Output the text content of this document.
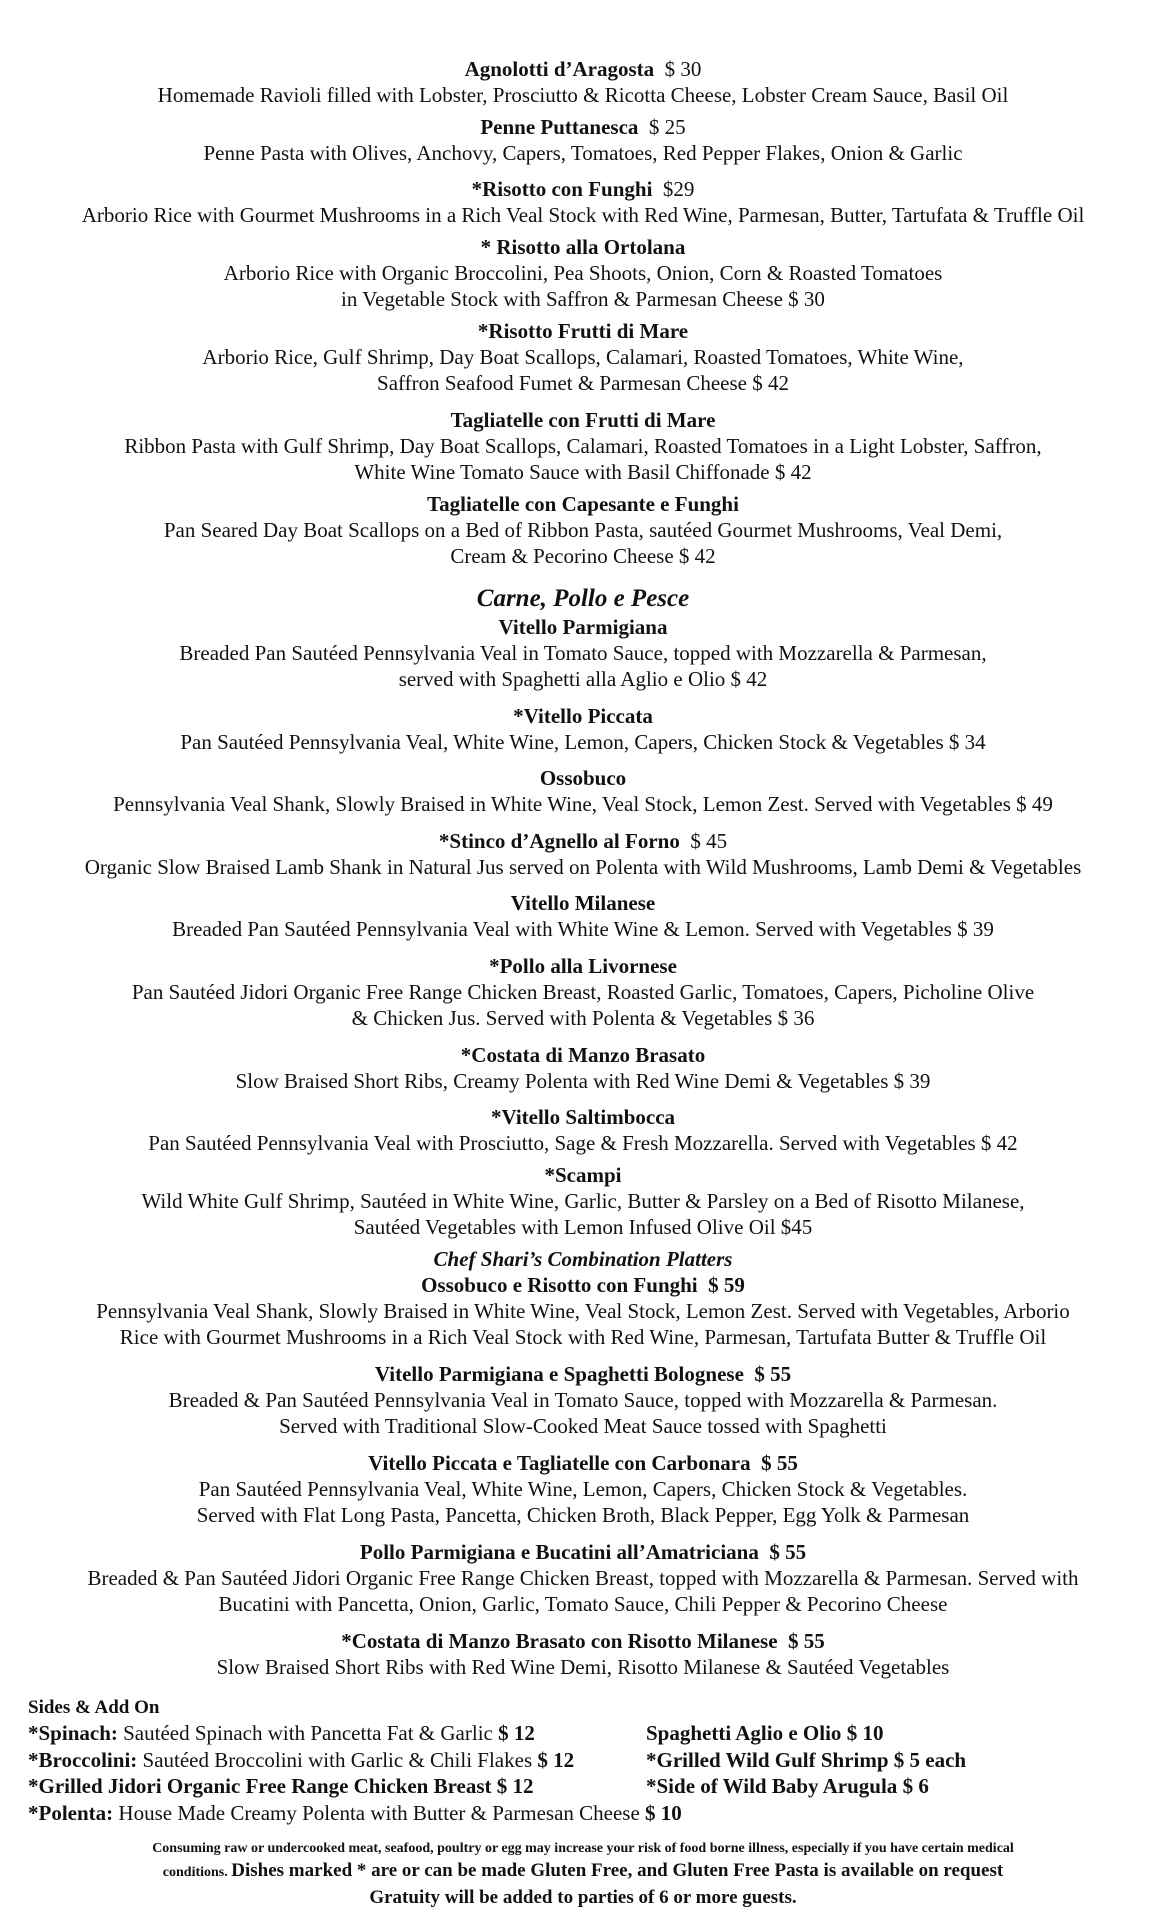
Agnolotti d’Aragosta $ 30
Homemade Ravioli filled with Lobster, Prosciutto & Ricotta Cheese, Lobster Cream Sauce, Basil Oil
Penne Puttanesca $ 25
Penne Pasta with Olives, Anchovy, Capers, Tomatoes, Red Pepper Flakes, Onion & Garlic
*Risotto con Funghi $29
Arborio Rice with Gourmet Mushrooms in a Rich Veal Stock with Red Wine, Parmesan, Butter, Tartufata & Truffle Oil
* Risotto alla Ortolana
Arborio Rice with Organic Broccolini, Pea Shoots, Onion, Corn & Roasted Tomatoes
in Vegetable Stock with Saffron & Parmesan Cheese $ 30
*Risotto Frutti di Mare
Arborio Rice, Gulf Shrimp, Day Boat Scallops, Calamari, Roasted Tomatoes, White Wine,
Saffron Seafood Fumet & Parmesan Cheese $ 42
Tagliatelle con Frutti di Mare
Ribbon Pasta with Gulf Shrimp, Day Boat Scallops, Calamari, Roasted Tomatoes in a Light Lobster, Saffron,
White Wine Tomato Sauce with Basil Chiffonade $ 42
Tagliatelle con Capesante e Funghi
Pan Seared Day Boat Scallops on a Bed of Ribbon Pasta, sautéed Gourmet Mushrooms, Veal Demi,
Cream & Pecorino Cheese $ 42
Carne, Pollo e Pesce
Vitello Parmigiana
Breaded Pan Sautéed Pennsylvania Veal in Tomato Sauce, topped with Mozzarella & Parmesan,
served with Spaghetti alla Aglio e Olio $ 42
*Vitello Piccata
Pan Sautéed Pennsylvania Veal, White Wine, Lemon, Capers, Chicken Stock & Vegetables $ 34
Ossobuco
Pennsylvania Veal Shank, Slowly Braised in White Wine, Veal Stock, Lemon Zest. Served with Vegetables $ 49
*Stinco d’Agnello al Forno $ 45
Organic Slow Braised Lamb Shank in Natural Jus served on Polenta with Wild Mushrooms, Lamb Demi & Vegetables
Vitello Milanese
Breaded Pan Sautéed Pennsylvania Veal with White Wine & Lemon. Served with Vegetables $ 39
*Pollo alla Livornese
Pan Sautéed Jidori Organic Free Range Chicken Breast, Roasted Garlic, Tomatoes, Capers, Picholine Olive
& Chicken Jus. Served with Polenta & Vegetables $ 36
*Costata di Manzo Brasato
Slow Braised Short Ribs, Creamy Polenta with Red Wine Demi & Vegetables $ 39
*Vitello Saltimbocca
Pan Sautéed Pennsylvania Veal with Prosciutto, Sage & Fresh Mozzarella. Served with Vegetables $ 42
*Scampi
Wild White Gulf Shrimp, Sautéed in White Wine, Garlic, Butter & Parsley on a Bed of Risotto Milanese,
Sautéed Vegetables with Lemon Infused Olive Oil $45
Chef Shari’s Combination Platters
Ossobuco e Risotto con Funghi $ 59
Pennsylvania Veal Shank, Slowly Braised in White Wine, Veal Stock, Lemon Zest. Served with Vegetables, Arborio
Rice with Gourmet Mushrooms in a Rich Veal Stock with Red Wine, Parmesan, Tartufata Butter & Truffle Oil
Vitello Parmigiana e Spaghetti Bolognese $ 55
Breaded & Pan Sautéed Pennsylvania Veal in Tomato Sauce, topped with Mozzarella & Parmesan.
Served with Traditional Slow-Cooked Meat Sauce tossed with Spaghetti
Vitello Piccata e Tagliatelle con Carbonara $ 55
Pan Sautéed Pennsylvania Veal, White Wine, Lemon, Capers, Chicken Stock & Vegetables.
Served with Flat Long Pasta, Pancetta, Chicken Broth, Black Pepper, Egg Yolk & Parmesan
Pollo Parmigiana e Bucatini all’Amatriciana $ 55
Breaded & Pan Sautéed Jidori Organic Free Range Chicken Breast, topped with Mozzarella & Parmesan. Served with
Bucatini with Pancetta, Onion, Garlic, Tomato Sauce, Chili Pepper & Pecorino Cheese
*Costata di Manzo Brasato con Risotto Milanese $ 55
Slow Braised Short Ribs with Red Wine Demi, Risotto Milanese & Sautéed Vegetables
Sides & Add On
*Spinach: Sautéed Spinach with Pancetta Fat & Garlic $ 12
*Broccolini: Sautéed Broccolini with Garlic & Chili Flakes $ 12
*Grilled Jidori Organic Free Range Chicken Breast $ 12
Spaghetti Aglio e Olio $ 10
*Grilled Wild Gulf Shrimp $ 5 each
*Side of Wild Baby Arugula $ 6
*Polenta: House Made Creamy Polenta with Butter & Parmesan Cheese $ 10
Consuming raw or undercooked meat, seafood, poultry or egg may increase your risk of food borne illness, especially if you have certain medical
conditions. Dishes marked * are or can be made Gluten Free, and Gluten Free Pasta is available on request
Gratuity will be added to parties of 6 or more guests.
